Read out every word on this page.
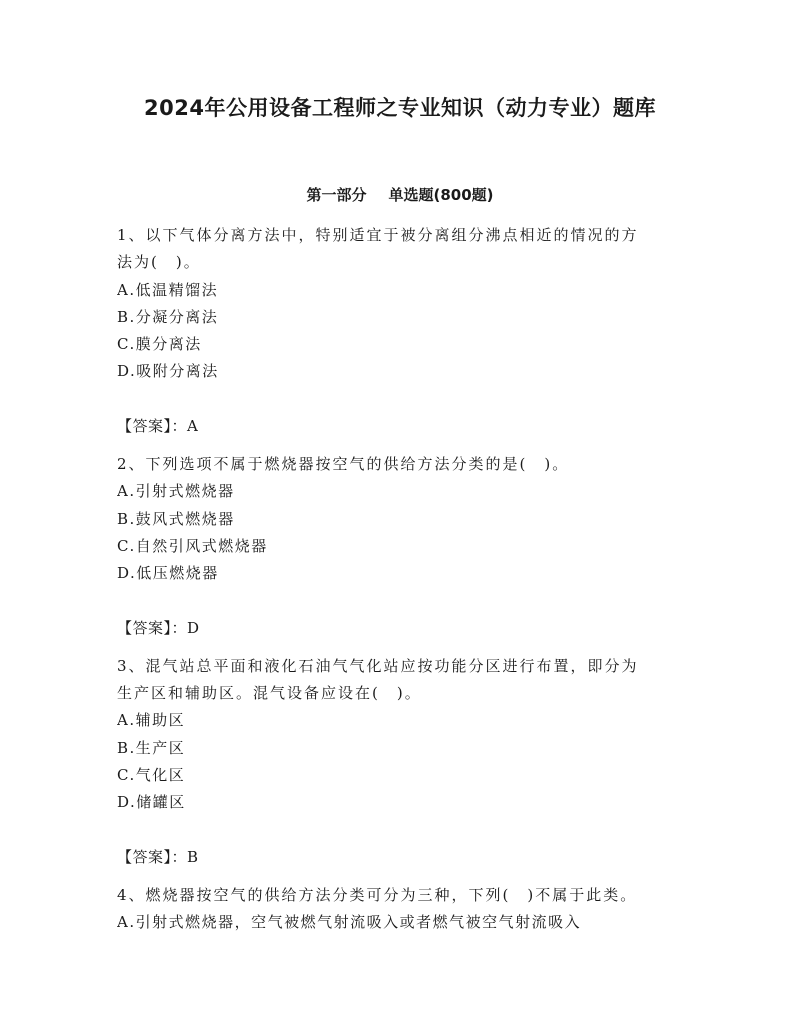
2024年公用设备工程师之专业知识（动力专业）题库
第一部分 单选题(800题)
1、以下气体分离方法中，特别适宜于被分离组分沸点相近的情况的方
法为(　)。
A.低温精馏法
B.分凝分离法
C.膜分离法
D.吸附分离法
【答案】：A
2、下列选项不属于燃烧器按空气的供给方法分类的是(　)。
A.引射式燃烧器
B.鼓风式燃烧器
C.自然引风式燃烧器
D.低压燃烧器
【答案】：D
3、混气站总平面和液化石油气气化站应按功能分区进行布置，即分为
生产区和辅助区。混气设备应设在(　)。
A.辅助区
B.生产区
C.气化区
D.储罐区
【答案】：B
4、燃烧器按空气的供给方法分类可分为三种，下列(　)不属于此类。
A.引射式燃烧器，空气被燃气射流吸入或者燃气被空气射流吸入
